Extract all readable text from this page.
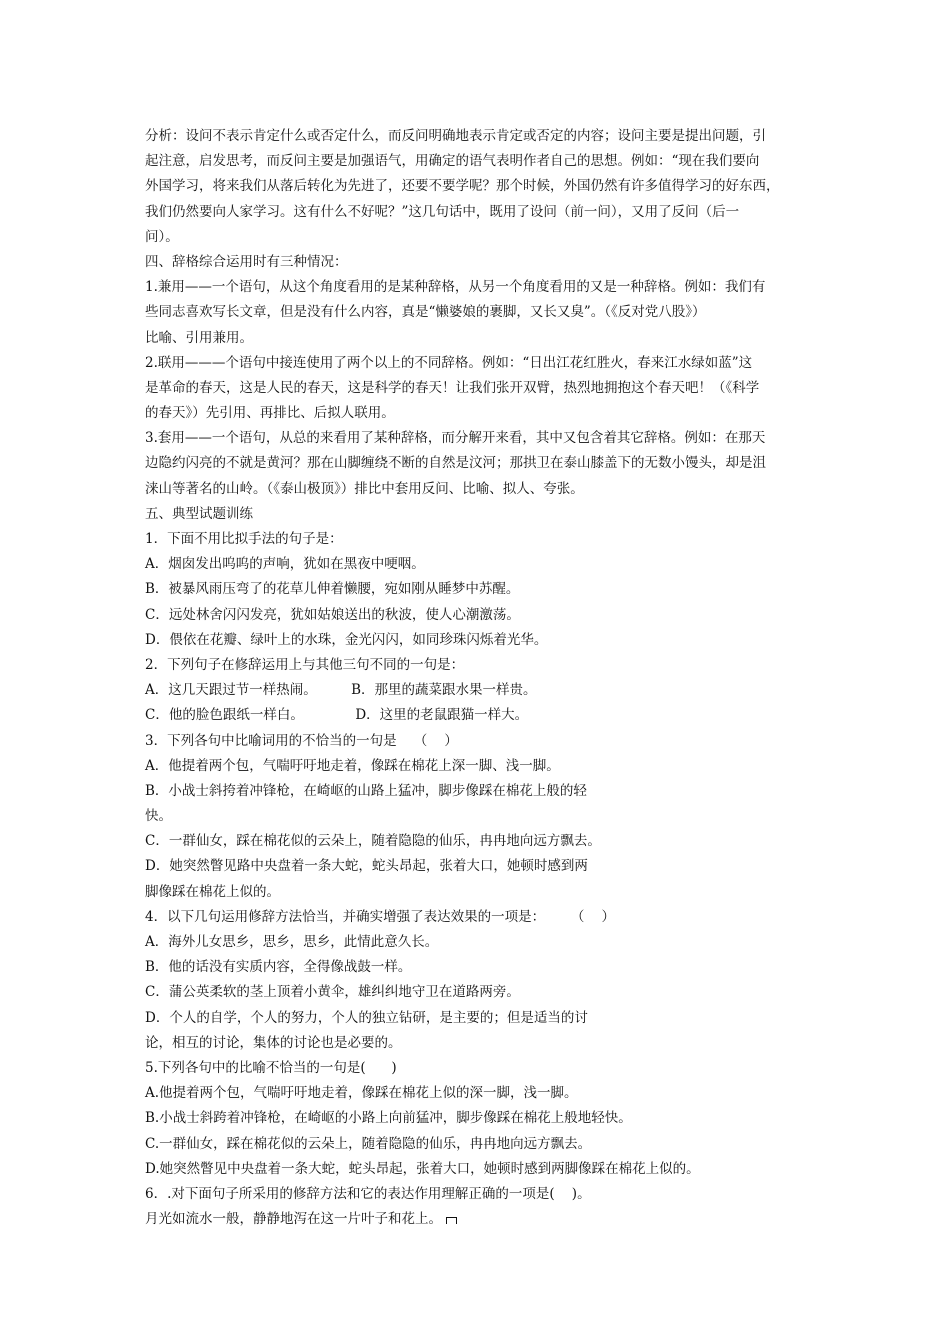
分析：设问不表示肯定什么或否定什么，而反问明确地表示肯定或否定的内容；设问主要是提出问题，引
起注意，启发思考，而反问主要是加强语气，用确定的语气表明作者自己的思想。例如：“现在我们要向
外国学习，将来我们从落后转化为先进了，还要不要学呢？那个时候，外国仍然有许多值得学习的好东西，
我们仍然要向人家学习。这有什么不好呢？”这几句话中，既用了设问（前一问），又用了反问（后一
问）。
四、辞格综合运用时有三种情况：
1.兼用——一个语句，从这个角度看用的是某种辞格，从另一个角度看用的又是一种辞格。例如：我们有
些同志喜欢写长文章，但是没有什么内容，真是“懒婆娘的裹脚，又长又臭”。（《反对党八股》）
比喻、引用兼用。
2.联用———个语句中接连使用了两个以上的不同辞格。例如：“日出江花红胜火，春来江水绿如蓝”这
是革命的春天，这是人民的春天，这是科学的春天！让我们张开双臂，热烈地拥抱这个春天吧！（《科学
的春天》）先引用、再排比、后拟人联用。
3.套用——一个语句，从总的来看用了某种辞格，而分解开来看，其中又包含着其它辞格。例如：在那天
边隐约闪亮的不就是黄河？那在山脚缠绕不断的自然是汶河；那拱卫在泰山膝盖下的无数小馒头，却是沮
涞山等著名的山岭。（《泰山极顶》）排比中套用反问、比喻、拟人、夸张。
五、典型试题训练
1．下面不用比拟手法的句子是：
A．烟囱发出呜呜的声响，犹如在黑夜中哽咽。
B．被暴风雨压弯了的花草儿伸着懒腰，宛如刚从睡梦中苏醒。
C．远处林舍闪闪发亮，犹如姑娘送出的秋波，使人心潮激荡。
D．偎依在花瓣、绿叶上的水珠，金光闪闪，如同珍珠闪烁着光华。
2．下列句子在修辞运用上与其他三句不同的一句是：
A．这几天跟过节一样热闹。        B．那里的蔬菜跟水果一样贵。
C．他的脸色跟纸一样白。            D．这里的老鼠跟猫一样大。
3．下列各句中比喻词用的不恰当的一句是    （    ）
A．他提着两个包，气喘吁吁地走着，像踩在棉花上深一脚、浅一脚。
B．小战士斜挎着冲锋枪，在崎岖的山路上猛冲，脚步像踩在棉花上般的轻
快。
C．一群仙女，踩在棉花似的云朵上，随着隐隐的仙乐，冉冉地向远方飘去。
D．她突然瞥见路中央盘着一条大蛇，蛇头昂起，张着大口，她顿时感到两
脚像踩在棉花上似的。
4．以下几句运用修辞方法恰当，并确实增强了表达效果的一项是：      （    ）
A．海外儿女思乡，思乡，思乡，此情此意久长。
B．他的话没有实质内容，全得像战鼓一样。
C．蒲公英柔软的茎上顶着小黄伞，雄纠纠地守卫在道路两旁。
D．个人的自学，个人的努力，个人的独立钻研，是主要的；但是适当的讨
论，相互的讨论，集体的讨论也是必要的。
5.下列各句中的比喻不恰当的一句是(      )
A.他提着两个包，气喘吁吁地走着，像踩在棉花上似的深一脚，浅一脚。
B.小战士斜跨着冲锋枪，在崎岖的小路上向前猛冲，脚步像踩在棉花上般地轻快。
C.一群仙女，踩在棉花似的云朵上，随着隐隐的仙乐，冉冉地向远方飘去。
D.她突然瞥见中央盘着一条大蛇，蛇头昂起，张着大口，她顿时感到两脚像踩在棉花上似的。
6．.对下面句子所采用的修辞方法和它的表达作用理解正确的一项是(    )。
月光如流水一般，静静地泻在这一片叶子和花上。
